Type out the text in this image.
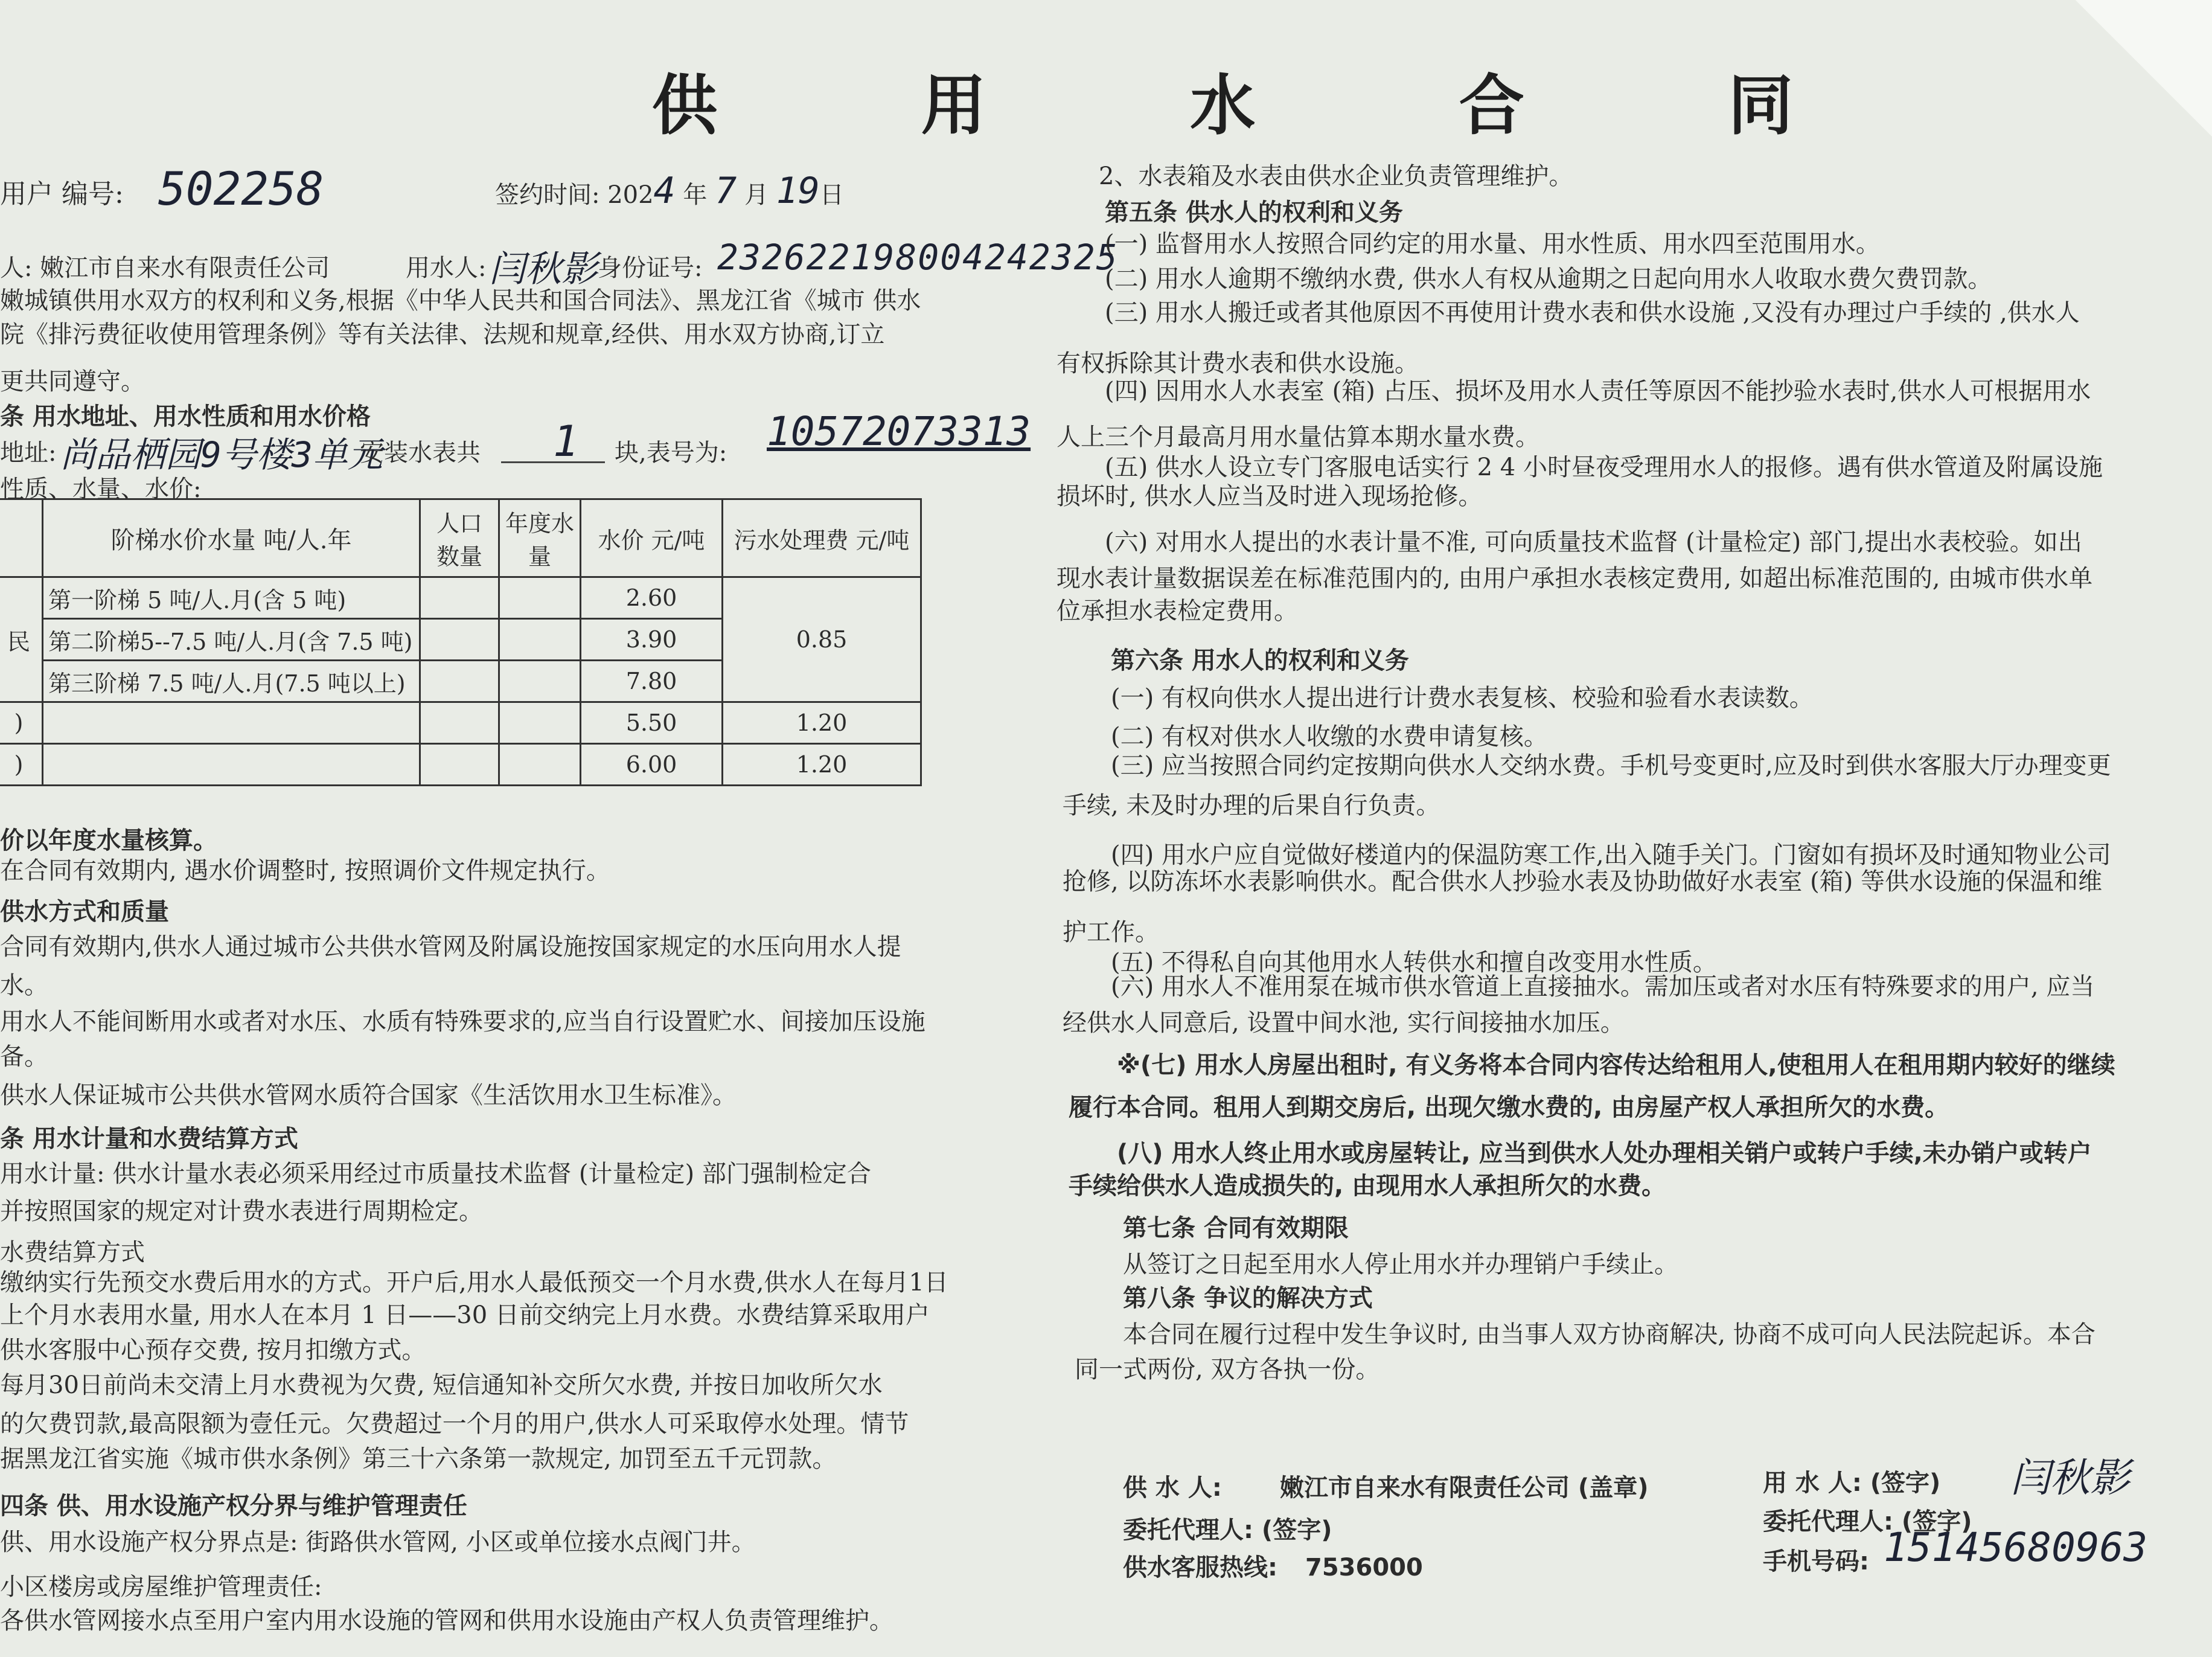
供 用 水 合 同
用户 编号: 502258	签约时间: 2024 年 7 月 19日
人: 嫩江市自来水有限责任公司	用水人: 闫秋影 身份证号: 232622198004242325
嫩城镇供用水双方的权利和义务,根据《中华人民共和国合同法》、黑龙江省《城市 供水
院《排污费征收使用管理条例》等有关法律、法规和规章,经供、用水双方协商,订立
更共同遵守。
条 用水地址、用水性质和用水价格
地址: 尚品栖园9号楼3单元
安装水表共 1 块,表号为: 10572073313
性质、水量、水价:
	阶梯水价水量 吨/人.年	人口数量	年度水量	水价 元/吨	污水处理费 元/吨
民	第一阶梯 5 吨/人.月(含 5 吨)			2.60	0.85
	第二阶梯5--7.5 吨/人.月(含 7.5 吨)			3.90	
	第三阶梯 7.5 吨/人.月(7.5 吨以上)			7.80	
)				5.50	1.20
)				6.00	1.20
价以年度水量核算。
在合同有效期内, 遇水价调整时, 按照调价文件规定执行。
供水方式和质量
合同有效期内,供水人通过城市公共供水管网及附属设施按国家规定的水压向用水人提
水。
用水人不能间断用水或者对水压、水质有特殊要求的,应当自行设置贮水、间接加压设施
备。
供水人保证城市公共供水管网水质符合国家《生活饮用水卫生标准》。
条 用水计量和水费结算方式
用水计量: 供水计量水表必须采用经过市质量技术监督 (计量检定) 部门强制检定合
并按照国家的规定对计费水表进行周期检定。
水费结算方式
缴纳实行先预交水费后用水的方式。开户后,用水人最低预交一个月水费,供水人在每月1日
上个月水表用水量, 用水人在本月 1 日——30 日前交纳完上月水费。水费结算采取用户
供水客服中心预存交费, 按月扣缴方式。
每月30日前尚未交清上月水费视为欠费, 短信通知补交所欠水费, 并按日加收所欠水
的欠费罚款,最高限额为壹任元。欠费超过一个月的用户,供水人可采取停水处理。情节
据黑龙江省实施《城市供水条例》第三十六条第一款规定, 加罚至五千元罚款。
四条 供、用水设施产权分界与维护管理责任
供、用水设施产权分界点是: 街路供水管网, 小区或单位接水点阀门井。
小区楼房或房屋维护管理责任:
各供水管网接水点至用户室内用水设施的管网和供用水设施由产权人负责管理维护。
2、水表箱及水表由供水企业负责管理维护。
第五条 供水人的权利和义务
(一) 监督用水人按照合同约定的用水量、用水性质、用水四至范围用水。
(二) 用水人逾期不缴纳水费, 供水人有权从逾期之日起向用水人收取水费欠费罚款。
(三) 用水人搬迁或者其他原因不再使用计费水表和供水设施 ,又没有办理过户手续的 ,供水人
有权拆除其计费水表和供水设施。
(四) 因用水人水表室 (箱) 占压、损坏及用水人责任等原因不能抄验水表时,供水人可根据用水
人上三个月最高月用水量估算本期水量水费。
(五) 供水人设立专门客服电话实行 2 4 小时昼夜受理用水人的报修。遇有供水管道及附属设施
损坏时, 供水人应当及时进入现场抢修。
(六) 对用水人提出的水表计量不准, 可向质量技术监督 (计量检定) 部门,提出水表校验。如出
现水表计量数据误差在标准范围内的, 由用户承担水表核定费用, 如超出标准范围的, 由城市供水单
位承担水表检定费用。
第六条 用水人的权利和义务
(一) 有权向供水人提出进行计费水表复核、校验和验看水表读数。
(二) 有权对供水人收缴的水费申请复核。
(三) 应当按照合同约定按期向供水人交纳水费。手机号变更时,应及时到供水客服大厅办理变更
手续, 未及时办理的后果自行负责。
(四) 用水户应自觉做好楼道内的保温防寒工作,出入随手关门。门窗如有损坏及时通知物业公司
抢修, 以防冻坏水表影响供水。配合供水人抄验水表及协助做好水表室 (箱) 等供水设施的保温和维
护工作。
(五) 不得私自向其他用水人转供水和擅自改变用水性质。
(六) 用水人不准用泵在城市供水管道上直接抽水。需加压或者对水压有特殊要求的用户, 应当
经供水人同意后, 设置中间水池, 实行间接抽水加压。
※(七) 用水人房屋出租时, 有义务将本合同内容传达给租用人,使租用人在租用期内较好的继续
履行本合同。租用人到期交房后, 出现欠缴水费的, 由房屋产权人承担所欠的水费。
(八) 用水人终止用水或房屋转让, 应当到供水人处办理相关销户或转户手续,未办销户或转户
手续给供水人造成损失的, 由现用水人承担所欠的水费。
第七条 合同有效期限
从签订之日起至用水人停止用水并办理销户手续止。
第八条 争议的解决方式
本合同在履行过程中发生争议时, 由当事人双方协商解决, 协商不成可向人民法院起诉。本合
同一式两份, 双方各执一份。
供 水 人: 嫩江市自来水有限责任公司 (盖章)
委托代理人: (签字)
供水客服热线: 7536000
用 水 人: (签字) 闫秋影
委托代理人: (签字)
手机号码: 15145680963
